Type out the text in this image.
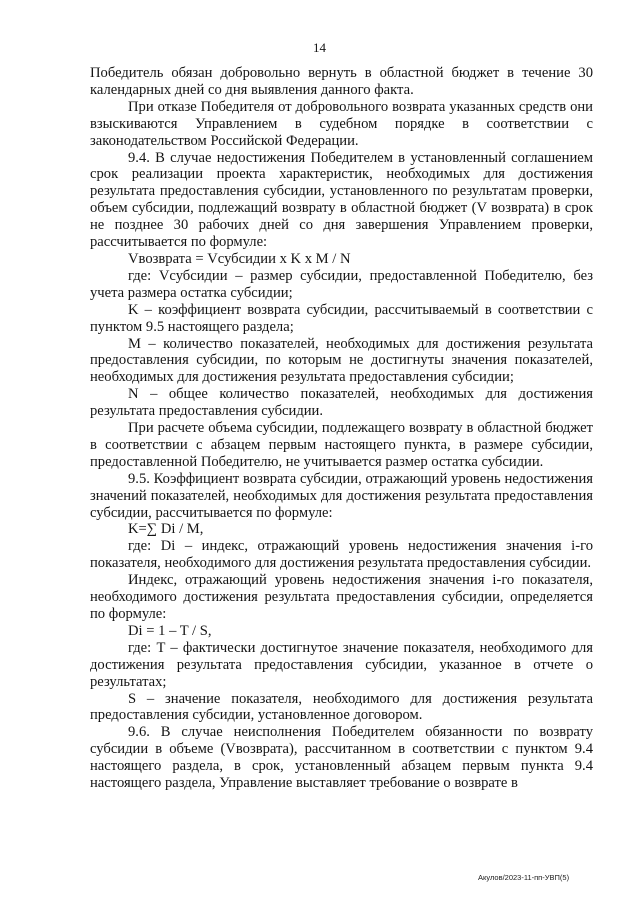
14

Победитель обязан добровольно вернуть в областной бюджет в течение 30 календарных дней со дня выявления данного факта.

При отказе Победителя от добровольного возврата указанных средств они взыскиваются Управлением в судебном порядке в соответствии с законодательством Российской Федерации.

9.4. В случае недостижения Победителем в установленный соглашением срок реализации проекта характеристик, необходимых для достижения результата предоставления субсидии, установленного по результатам проверки, объем субсидии, подлежащий возврату в областной бюджет (V возврата) в срок не позднее 30 рабочих дней со дня завершения Управлением проверки, рассчитывается по формуле:

Vвозврата = Vсубсидии x K x M / N

где: Vсубсидии – размер субсидии, предоставленной Победителю, без учета размера остатка субсидии;

K – коэффициент возврата субсидии, рассчитываемый в соответствии с пунктом 9.5 настоящего раздела;

M – количество показателей, необходимых для достижения результата предоставления субсидии, по которым не достигнуты значения показателей, необходимых для достижения результата предоставления субсидии;

N – общее количество показателей, необходимых для достижения результата предоставления субсидии.

При расчете объема субсидии, подлежащего возврату в областной бюджет в соответствии с абзацем первым настоящего пункта, в размере субсидии, предоставленной Победителю, не учитывается размер остатка субсидии.

9.5. Коэффициент возврата субсидии, отражающий уровень недостижения значений показателей, необходимых для достижения результата предоставления субсидии, рассчитывается по формуле:

K=∑ Di / M,

где: Di – индекс, отражающий уровень недостижения значения i-го показателя, необходимого для достижения результата предоставления субсидии.

Индекс, отражающий уровень недостижения значения i-го показателя, необходимого достижения результата предоставления субсидии, определяется по формуле:

Di = 1 – T / S,

где: T – фактически достигнутое значение показателя, необходимого для достижения результата предоставления субсидии, указанное в отчете о результатах;

S – значение показателя, необходимого для достижения результата предоставления субсидии, установленное договором.

9.6. В случае неисполнения Победителем обязанности по возврату субсидии в объеме (Vвозврата), рассчитанном в соответствии с пунктом 9.4 настоящего раздела, в срок, установленный абзацем первым пункта 9.4 настоящего раздела, Управление выставляет требование о возврате в

Акулов/2023-11-пп-УВП(5)
